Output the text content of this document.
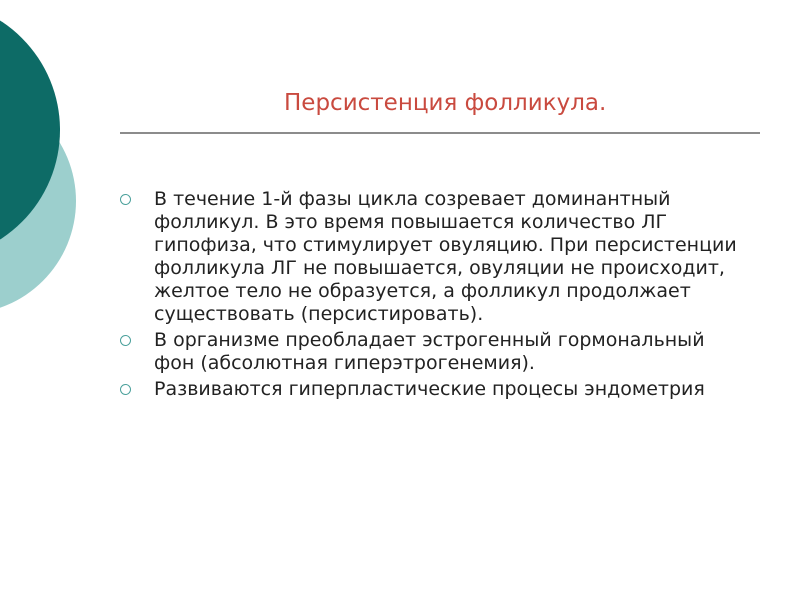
Персистенция фолликула.
В течение 1-й фазы цикла созревает доминантный фолликул. В это время повышается количество ЛГ гипофиза, что стимулирует овуляцию. При персистенции фолликула ЛГ не повышается, овуляции не происходит, желтое тело не образуется, а фолликул продолжает существовать (персистировать).
В организме преобладает эстрогенный гормональный фон (абсолютная гиперэтрогенемия).
Развиваются гиперпластические процесы эндометрия
